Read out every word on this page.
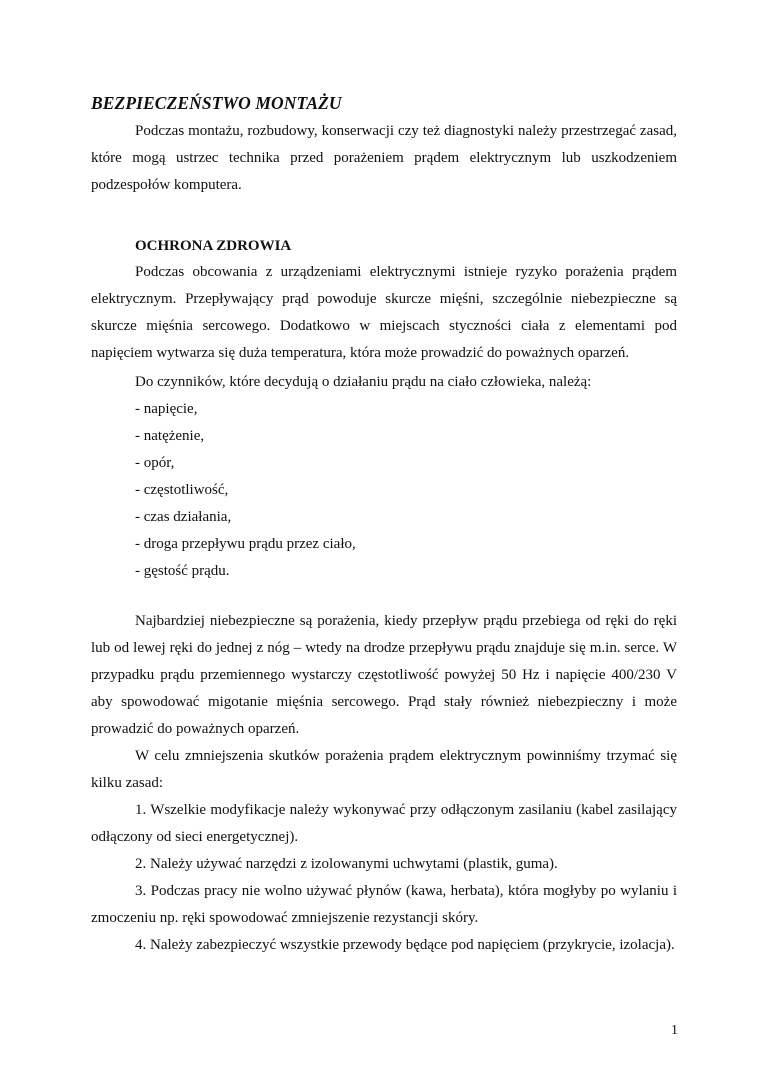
BEZPIECZEŃSTWO MONTAŻU
Podczas montażu, rozbudowy, konserwacji czy też diagnostyki należy przestrzegać zasad, które mogą ustrzec technika przed porażeniem prądem elektrycznym lub uszkodzeniem podzespołów komputera.
OCHRONA ZDROWIA
Podczas obcowania z urządzeniami elektrycznymi istnieje ryzyko porażenia prądem elektrycznym. Przepływający prąd powoduje skurcze mięśni, szczególnie niebezpieczne są skurcze mięśnia sercowego. Dodatkowo w miejscach styczności ciała z elementami pod napięciem wytwarza się duża temperatura, która może prowadzić do poważnych oparzeń.
Do czynników, które decydują o działaniu prądu na ciało człowieka, należą:
- napięcie,
- natężenie,
- opór,
- częstotliwość,
- czas działania,
- droga przepływu prądu przez ciało,
- gęstość prądu.
Najbardziej niebezpieczne są porażenia, kiedy przepływ prądu przebiega od ręki do ręki lub od lewej ręki do jednej z nóg – wtedy na drodze przepływu prądu znajduje się m.in. serce. W przypadku prądu przemiennego wystarczy częstotliwość powyżej 50 Hz i napięcie 400/230 V aby spowodować migotanie mięśnia sercowego. Prąd stały również niebezpieczny i może prowadzić do poważnych oparzeń.
W celu zmniejszenia skutków porażenia prądem elektrycznym powinniśmy trzymać się kilku zasad:
1. Wszelkie modyfikacje należy wykonywać przy odłączonym zasilaniu (kabel zasilający odłączony od sieci energetycznej).
2. Należy używać narzędzi z izolowanymi uchwytami (plastik, guma).
3. Podczas pracy nie wolno używać płynów (kawa, herbata), która mogłyby po wylaniu i zmoczeniu np. ręki spowodować zmniejszenie rezystancji skóry.
4. Należy zabezpieczyć wszystkie przewody będące pod napięciem (przykrycie, izolacja).
1
